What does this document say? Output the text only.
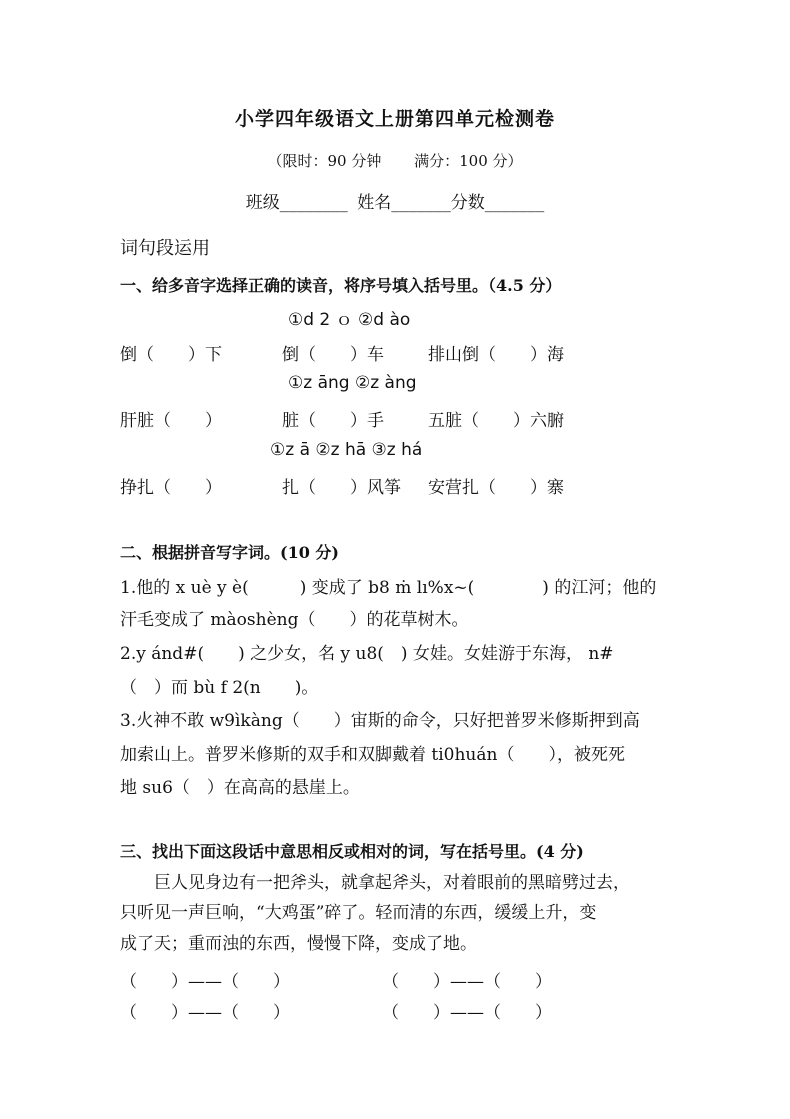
小学四年级语文上册第四单元检测卷
（限时：90 分钟 满分：100 分）
班级________ 姓名_______分数_______
词句段运用
一、给多音字选择正确的读音，将序号填入括号里。（4.5 分）
①d 2 ｏ ②d ào
倒（　　）下	倒（　　）车	排山倒（　　）海
①z āng ②z àng
肝脏（　　）	脏（　　）手	五脏（　　）六腑
①z ā ②z hā ③z há
挣扎（　　）	扎（　　）风筝 安营扎（　　）寨
二、根据拼音写字词。(10 分)
1.他的 x uè y è(　　　) 变成了 b8 ṁ lı%x~(　　　　) 的江河；他的
汗毛变成了 màoshèng（　　）的花草树木。
2.y ánd#(　　) 之少女，名 y u8(　) 女娃。女娃游于东海， n#
（　）而 bù f 2(n　　)。
3.火神不敢 w9ìkàng（　　）宙斯的命令，只好把普罗米修斯押到高
加索山上。普罗米修斯的双手和双脚戴着 ti0huán（　　），被死死
地 su6（　）在高高的悬崖上。
三、找出下面这段话中意思相反或相对的词，写在括号里。(4 分)
　　巨人见身边有一把斧头，就拿起斧头，对着眼前的黑暗劈过去，
只听见一声巨响，“大鸡蛋”碎了。轻而清的东西，缓缓上升，变
成了天；重而浊的东西，慢慢下降，变成了地。
（　　）——（　　）	（　　）——（　　）
（　　）——（　　）	（　　）——（　　）
